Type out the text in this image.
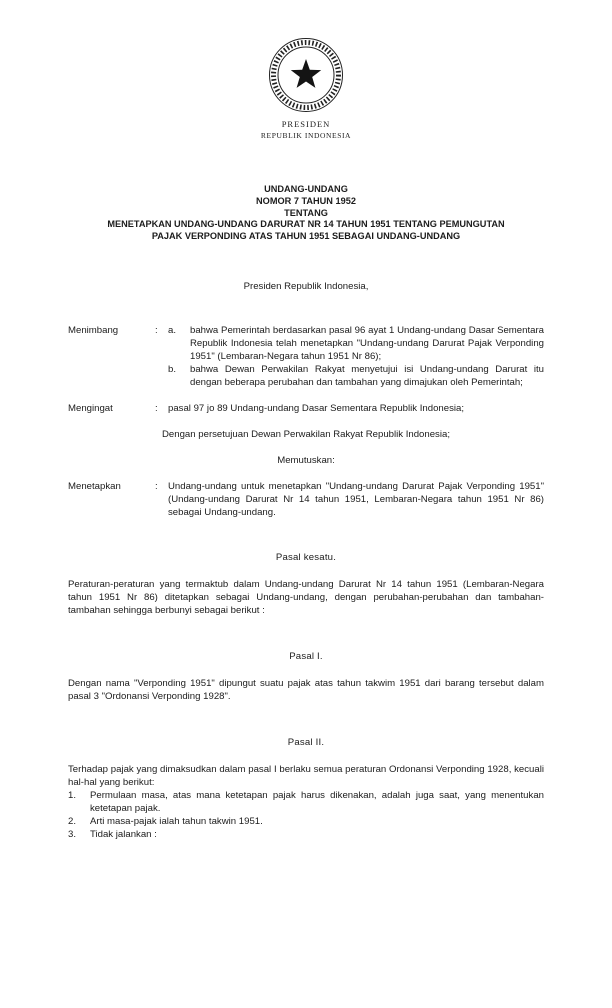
PRESIDEN
REPUBLIK INDONESIA
UNDANG-UNDANG
NOMOR 7 TAHUN 1952
TENTANG
MENETAPKAN UNDANG-UNDANG DARURAT NR 14 TAHUN 1951 TENTANG PEMUNGUTAN
PAJAK VERPONDING ATAS TAHUN 1951 SEBAGAI UNDANG-UNDANG
Presiden Republik Indonesia,
Menimbang	:	a.	bahwa Pemerintah berdasarkan pasal 96 ayat 1 Undang-undang Dasar Sementara Republik Indonesia telah menetapkan "Undang-undang Darurat Pajak Verponding 1951" (Lembaran-Negara tahun 1951 Nr 86);
b.	bahwa Dewan Perwakilan Rakyat menyetujui isi Undang-undang Darurat itu dengan beberapa perubahan dan tambahan yang dimajukan oleh Pemerintah;
Mengingat	:	pasal 97 jo 89 Undang-undang Dasar Sementara Republik Indonesia;
Dengan persetujuan Dewan Perwakilan Rakyat Republik Indonesia;
Memutuskan:
Menetapkan	:	Undang-undang untuk menetapkan "Undang-undang Darurat Pajak Verponding 1951" (Undang-undang Darurat Nr 14 tahun 1951, Lembaran-Negara tahun 1951 Nr 86) sebagai Undang-undang.
Pasal kesatu.

Peraturan-peraturan yang termaktub dalam Undang-undang Darurat Nr 14 tahun 1951 (Lembaran-Negara tahun 1951 Nr 86) ditetapkan sebagai Undang-undang, dengan perubahan-perubahan dan tambahan-tambahan sehingga berbunyi sebagai berikut :

Pasal I.

Dengan nama "Verponding 1951" dipungut suatu pajak atas tahun takwim 1951 dari barang tersebut dalam pasal 3 "Ordonansi Verponding 1928".

Pasal II.

Terhadap pajak yang dimaksudkan dalam pasal I berlaku semua peraturan Ordonansi Verponding 1928, kecuali hal-hal yang berikut:

1.	Permulaan masa, atas mana ketetapan pajak harus dikenakan, adalah juga saat, yang menentukan ketetapan pajak.
2.	Arti masa-pajak ialah tahun takwin 1951.
3.	Tidak jalankan :
